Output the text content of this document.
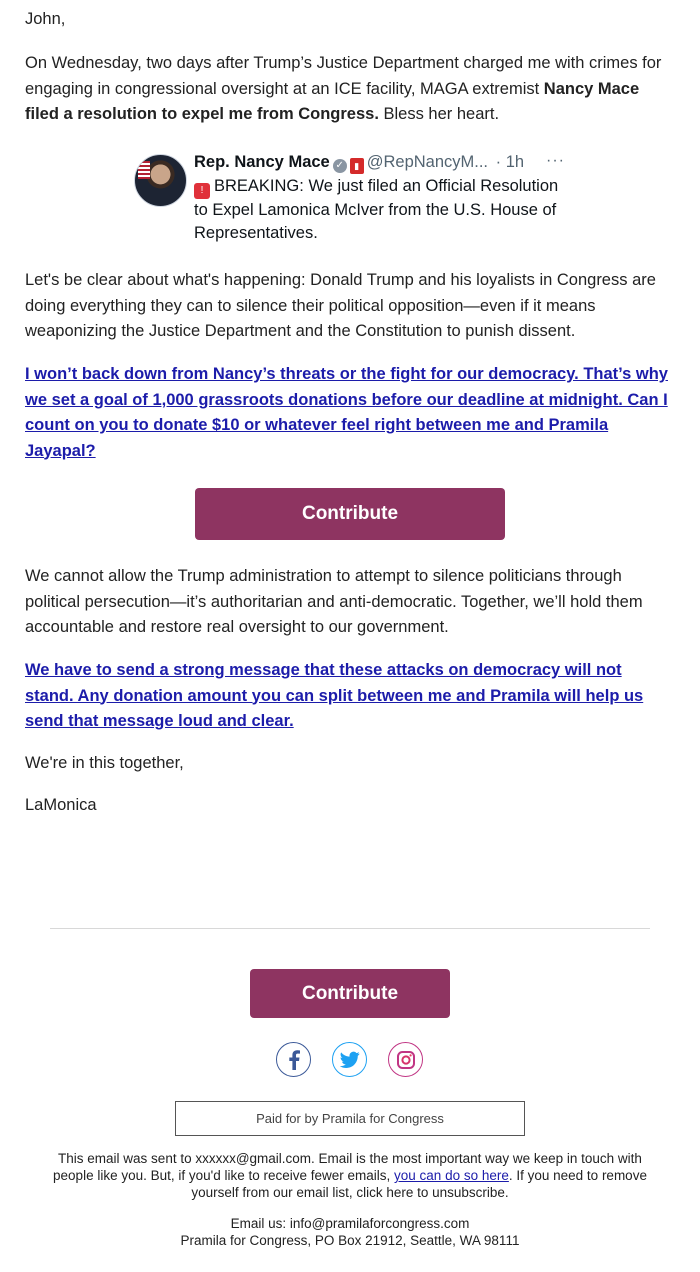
John,

On Wednesday, two days after Trump’s Justice Department charged me with crimes for engaging in congressional oversight at an ICE facility, MAGA extremist Nancy Mace filed a resolution to expel me from Congress. Bless her heart.

Let's be clear about what's happening: Donald Trump and his loyalists in Congress are doing everything they can to silence their political opposition—even if it means weaponizing the Justice Department and the Constitution to punish dissent.

I won’t back down from Nancy’s threats or the fight for our democracy. That’s why we set a goal of 1,000 grassroots donations before our deadline at midnight. Can I count on you to donate $10 or whatever feel right between me and Pramila Jayapal?

We cannot allow the Trump administration to attempt to silence politicians through political persecution—it’s authoritarian and anti-democratic. Together, we’ll hold them accountable and restore real oversight to our government.

We have to send a strong message that these attacks on democracy will not stand. Any donation amount you can split between me and Pramila will help us send that message loud and clear.

We're in this together,

LaMonica

Rep. Nancy Mace ✓ ▮ @RepNancyM... · 1h ···
! BREAKING: We just filed an Official Resolution to Expel Lamonica McIver from the U.S. House of Representatives.
Contribute
Contribute
Paid for by Pramila for Congress
This email was sent to xxxxxx@gmail.com. Email is the most important way we keep in touch with people like you. But, if you'd like to receive fewer emails, you can do so here. If you need to remove yourself from our email list, click here to unsubscribe.
Email us: info@pramilaforcongress.com
Pramila for Congress, PO Box 21912, Seattle, WA 98111
